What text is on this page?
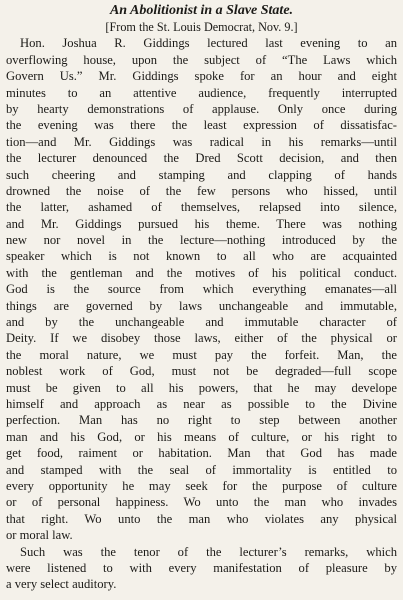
An Abolitionist in a Slave State.

[From the St. Louis Democrat, Nov. 9.]

Hon. Joshua R. Giddings lectured last evening to an
overflowing house, upon the subject of “The Laws which
Govern Us.” Mr. Giddings spoke for an hour and eight
minutes to an attentive audience, frequently interrupted
by hearty demonstrations of applause. Only once during
the evening was there the least expression of dissatisfac-
tion—and Mr. Giddings was radical in his remarks—until
the lecturer denounced the Dred Scott decision, and then
such cheering and stamping and clapping of hands
drowned the noise of the few persons who hissed, until
the latter, ashamed of themselves, relapsed into silence,
and Mr. Giddings pursued his theme. There was nothing
new nor novel in the lecture—nothing introduced by the
speaker which is not known to all who are acquainted
with the gentleman and the motives of his political conduct.
God is the source from which everything emanates—all
things are governed by laws unchangeable and immutable,
and by the unchangeable and immutable character of
Deity. If we disobey those laws, either of the physical or
the moral nature, we must pay the forfeit. Man, the
noblest work of God, must not be degraded—full scope
must be given to all his powers, that he may develope
himself and approach as near as possible to the Divine
perfection. Man has no right to step between another
man and his God, or his means of culture, or his right to
get food, raiment or habitation. Man that God has made
and stamped with the seal of immortality is entitled to
every opportunity he may seek for the purpose of culture
or of personal happiness. Wo unto the man who invades
that right. Wo unto the man who violates any physical
or moral law.
Such was the tenor of the lecturer’s remarks, which
were listened to with every manifestation of pleasure by
a very select auditory.
